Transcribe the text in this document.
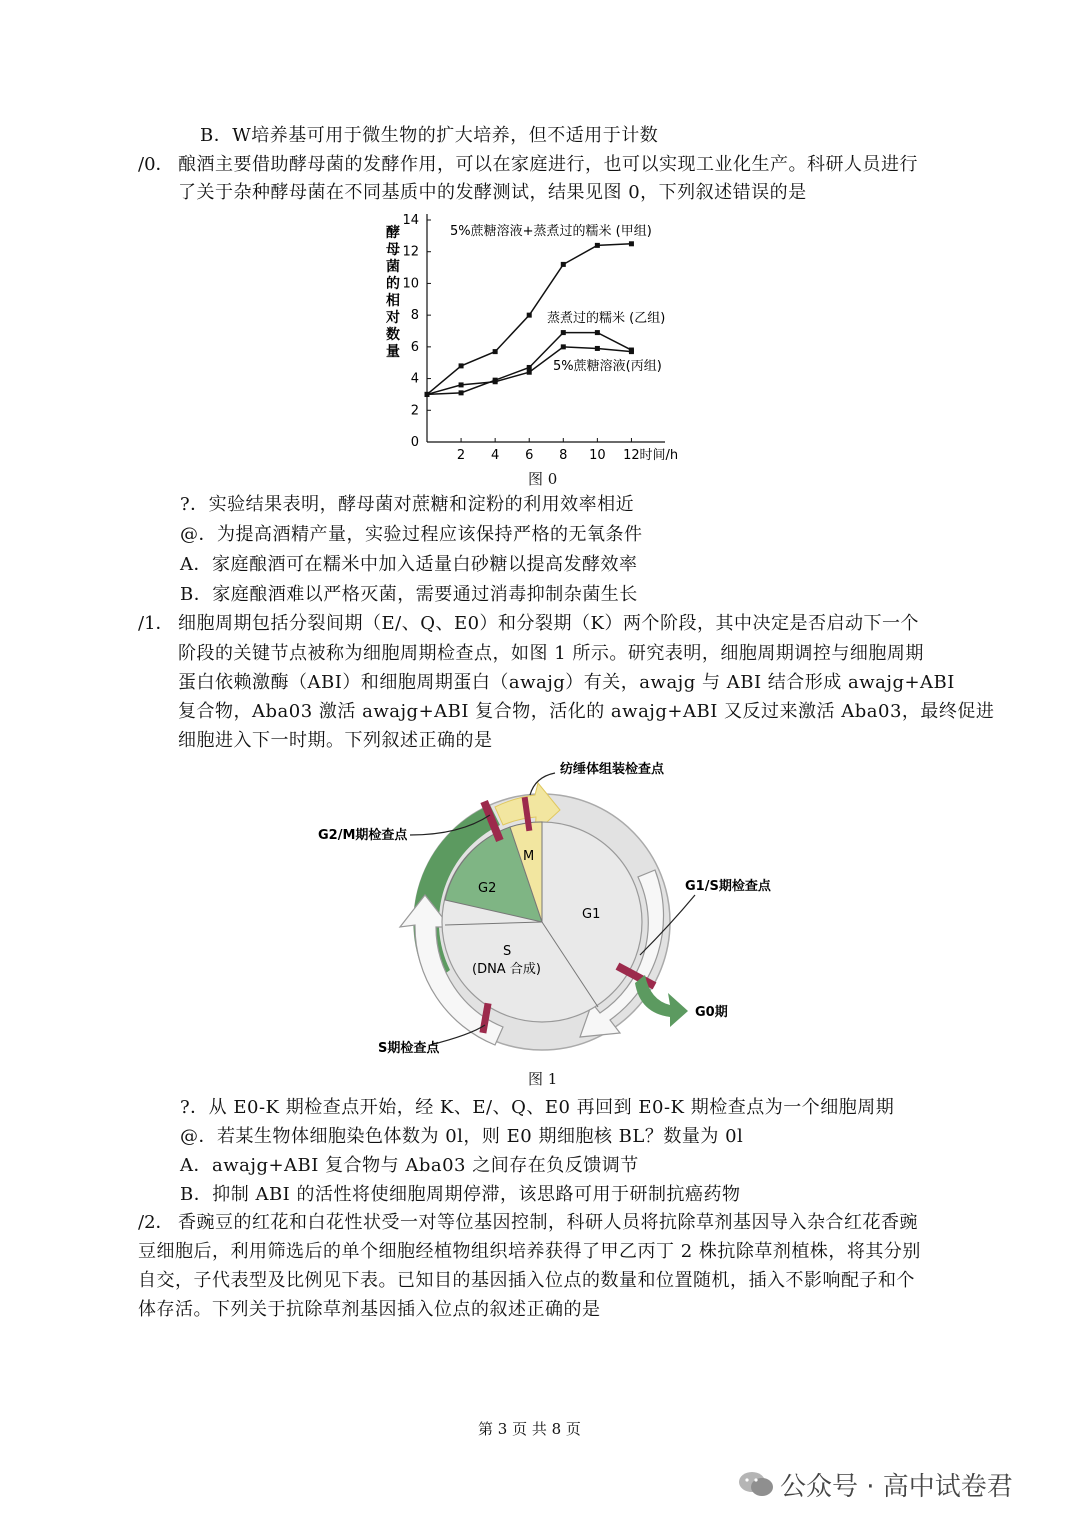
B．W培养基可用于微生物的扩大培养，但不适用于计数
/0． 酿酒主要借助酵母菌的发酵作用，可以在家庭进行，也可以实现工业化生产。科研人员进行
了关于杂种酵母菌在不同基质中的发酵测试，结果见图 0，下列叙述错误的是
0
2
4
6
8
10
12
14
2 4 6 8 10 12 时间/h
酵
母
菌
的
相
对
数
量
5%蔗糖溶液+蒸煮过的糯米 (甲组)
蒸煮过的糯米 (乙组)
5%蔗糖溶液(丙组)
图 0
?．实验结果表明，酵母菌对蔗糖和淀粉的利用效率相近
@．为提高酒精产量，实验过程应该保持严格的无氧条件
A．家庭酿酒可在糯米中加入适量白砂糖以提高发酵效率
B．家庭酿酒难以严格灭菌，需要通过消毒抑制杂菌生长
/1． 细胞周期包括分裂间期（E/、Q、E0）和分裂期（K）两个阶段，其中决定是否启动下一个
阶段的关键节点被称为细胞周期检查点，如图 1 所示。研究表明，细胞周期调控与细胞周期
蛋白依赖激酶（ABI）和细胞周期蛋白（awajg）有关，awajg 与 ABI 结合形成 awajg+ABI
复合物，Aba03 激活 awajg+ABI 复合物，活化的 awajg+ABI 又反过来激活 Aba03，最终促进
细胞进入下一时期。下列叙述正确的是
M
G2
G1
S
(DNA 合成)
纺缍体组装检查点
G2/M期检查点
G1/S期检查点
G0期
S期检查点
图 1
?．从 E0-K 期检查点开始，经 K、E/、Q、E0 再回到 E0-K 期检查点为一个细胞周期
@．若某生物体细胞染色体数为 0l，则 E0 期细胞核 BL？数量为 0l
A．awajg+ABI 复合物与 Aba03 之间存在负反馈调节
B．抑制 ABI 的活性将使细胞周期停滞，该思路可用于研制抗癌药物
/2． 香豌豆的红花和白花性状受一对等位基因控制，科研人员将抗除草剂基因导入杂合红花香豌
豆细胞后，利用筛选后的单个细胞经植物组织培养获得了甲乙丙丁 2 株抗除草剂植株，将其分别
自交，子代表型及比例见下表。已知目的基因插入位点的数量和位置随机，插入不影响配子和个
体存活。下列关于抗除草剂基因插入位点的叙述正确的是
第 3 页 共 8 页
公众号 · 高中试卷君
